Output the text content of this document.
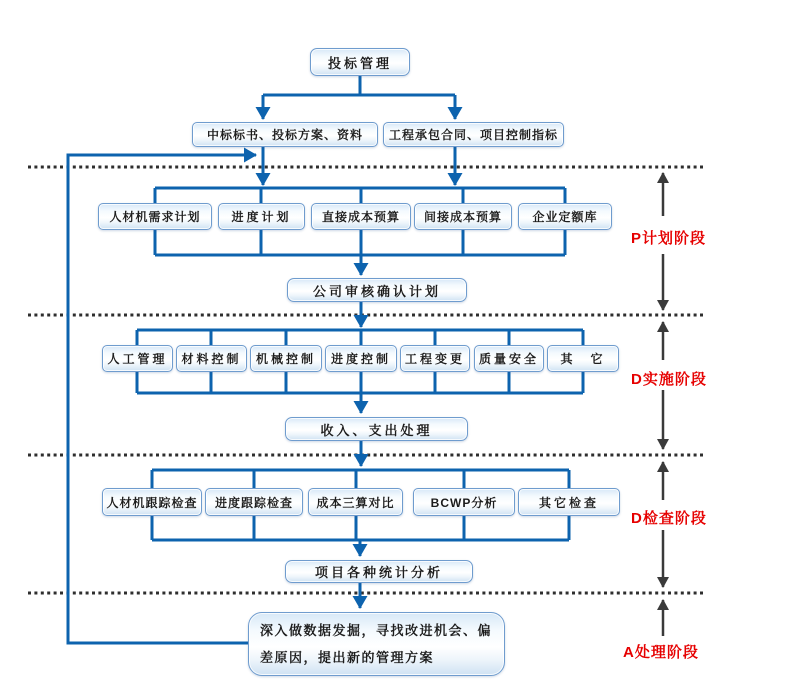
投标管理
中标标书、投标方案、资料	工程承包合同、项目控制指标
人材机需求计划	进度计划	直接成本预算	间接成本预算	企业定额库
公司审核确认计划
人工管理	材料控制	机械控制	进度控制	工程变更	质量安全	其　它
收入、支出处理
人材机跟踪检查	进度跟踪检查	成本三算对比	BCWP分析	其它检查
项目各种统计分析
深入做数据发掘，寻找改进机会、偏差原因，提出新的管理方案
P计划阶段
D实施阶段
D检查阶段
A处理阶段
